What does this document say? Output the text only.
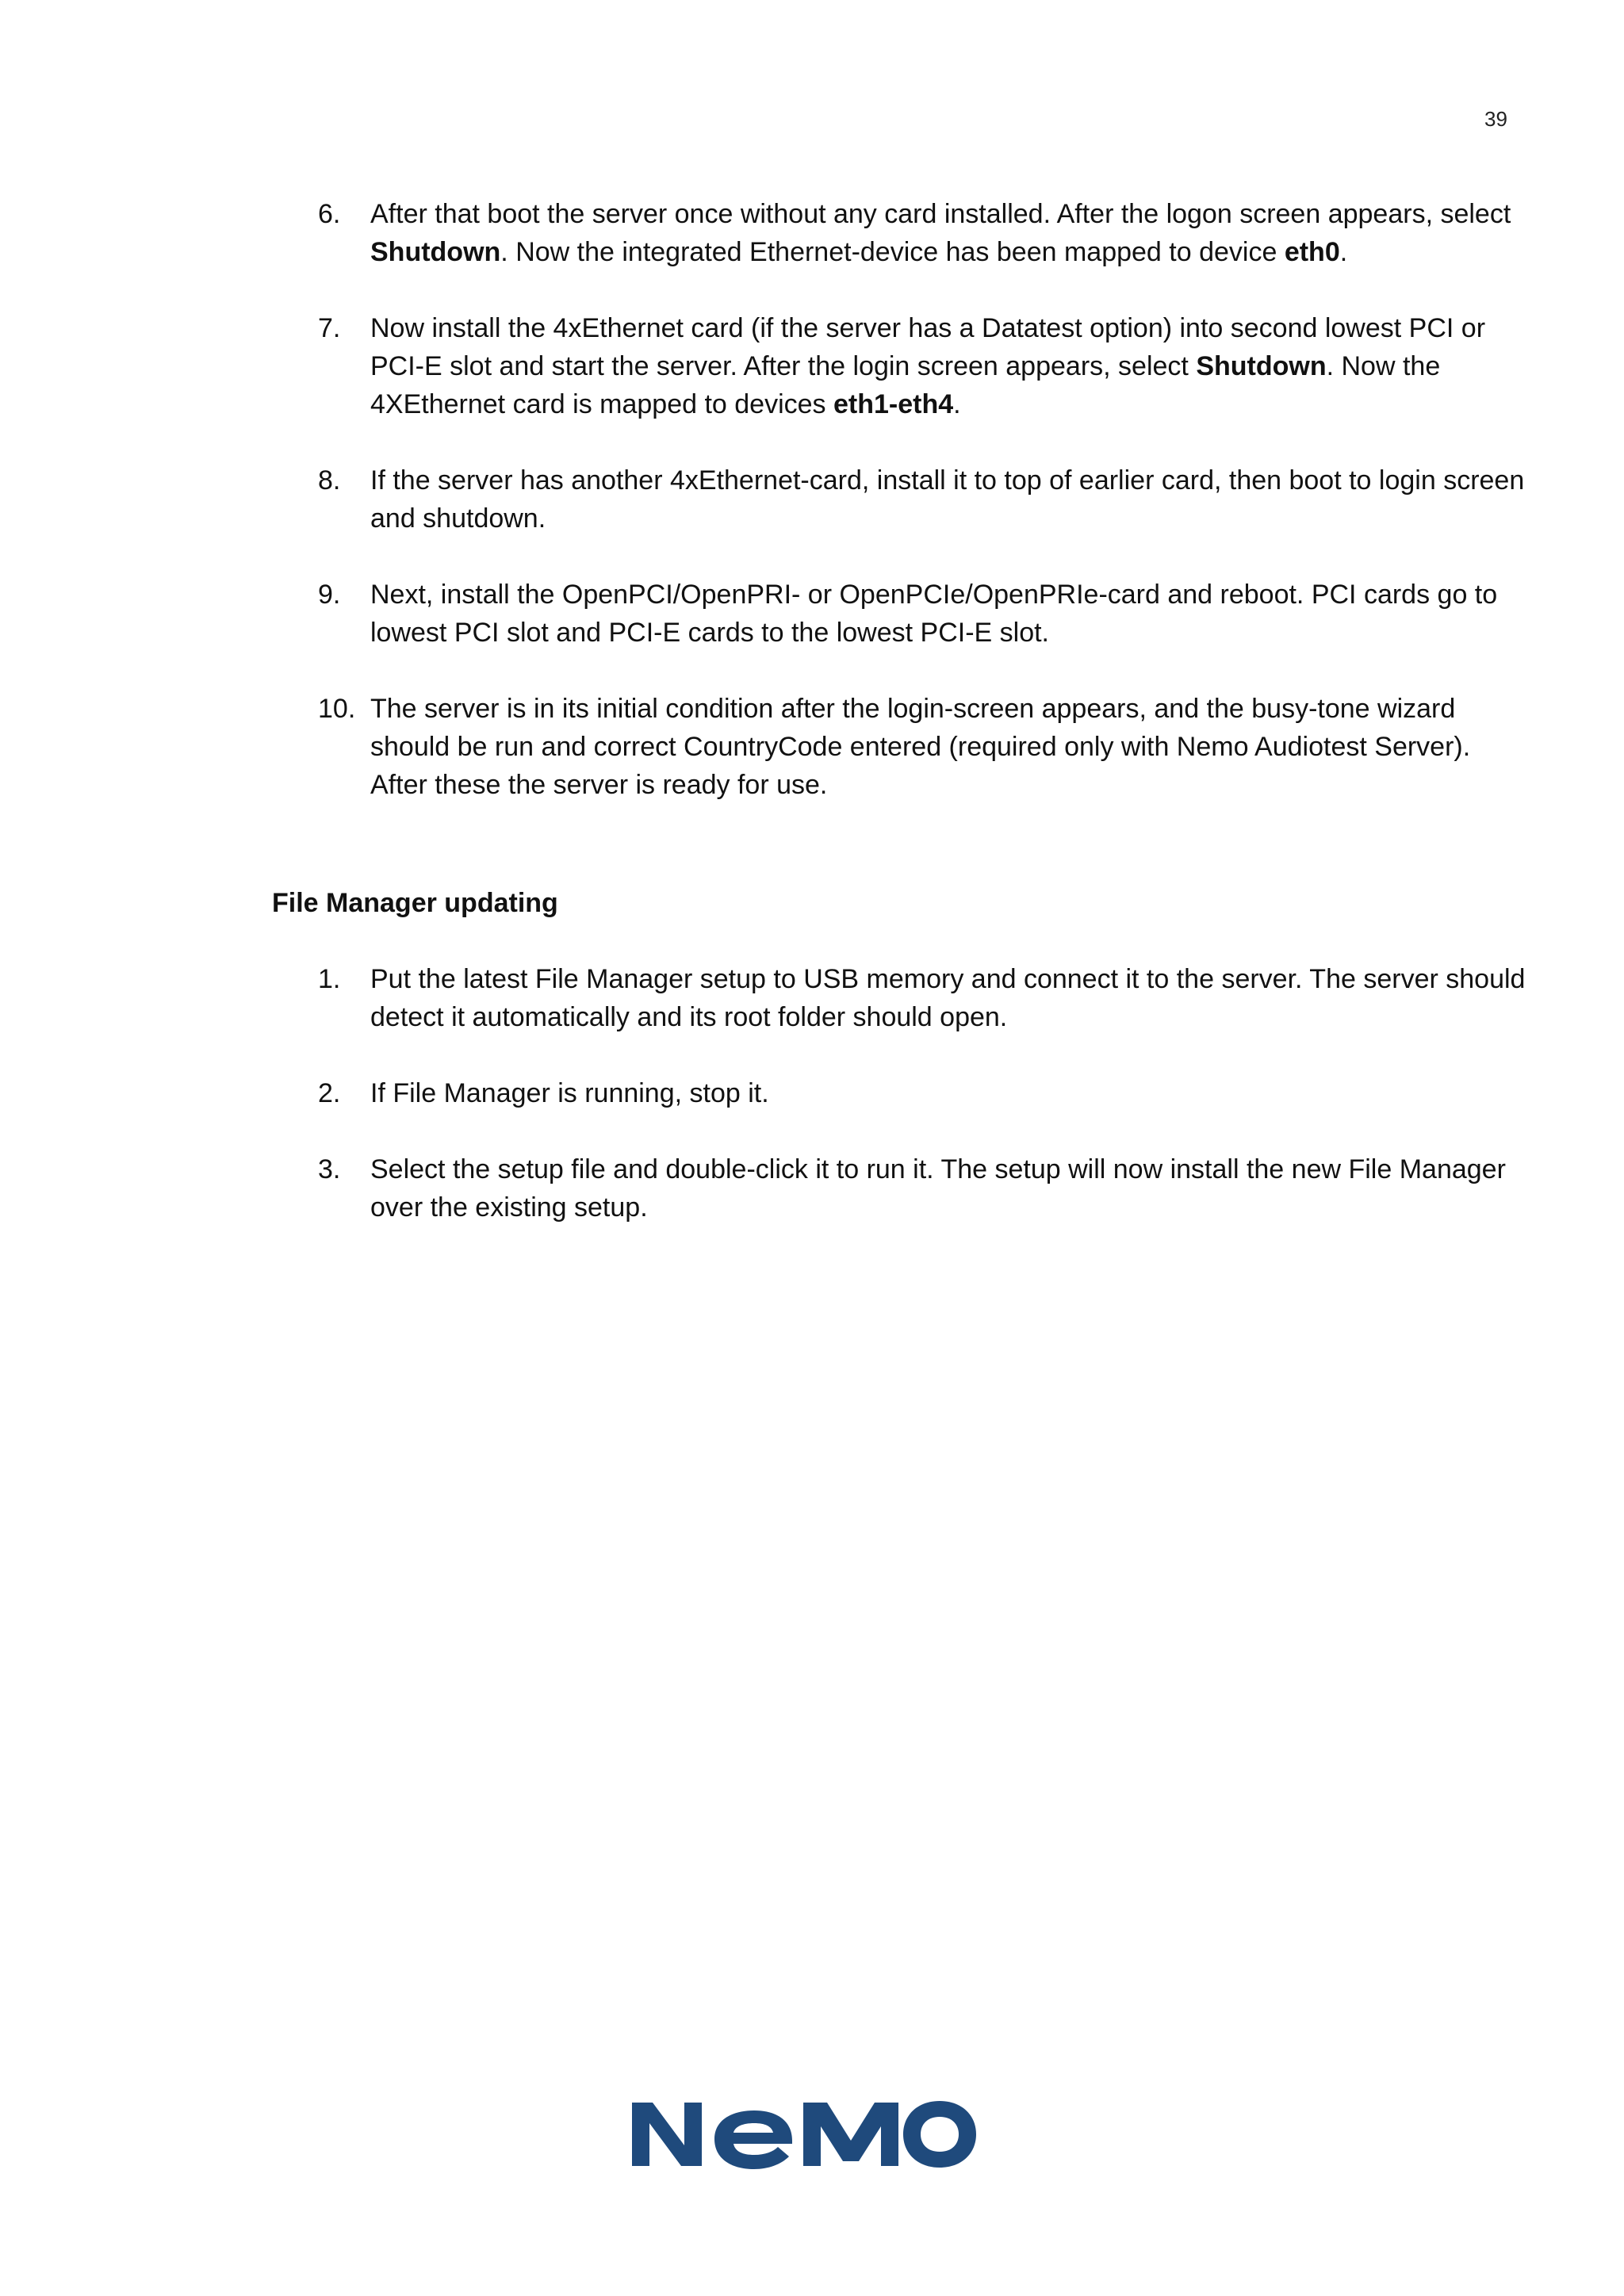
39

6. After that boot the server once without any card installed. After the logon screen appears, select Shutdown. Now the integrated Ethernet-device has been mapped to device eth0.

7. Now install the 4xEthernet card (if the server has a Datatest option) into second lowest PCI or PCI-E slot and start the server. After the login screen appears, select Shutdown. Now the 4XEthernet card is mapped to devices eth1-eth4.

8. If the server has another 4xEthernet-card, install it to top of earlier card, then boot to login screen and shutdown.

9. Next, install the OpenPCI/OpenPRI- or OpenPCIe/OpenPRIe-card and reboot. PCI cards go to lowest PCI slot and PCI-E cards to the lowest PCI-E slot.

10. The server is in its initial condition after the login-screen appears, and the busy-tone wizard should be run and correct CountryCode entered (required only with Nemo Audiotest Server). After these the server is ready for use.

File Manager updating

1. Put the latest File Manager setup to USB memory and connect it to the server. The server should detect it automatically and its root folder should open.

2. If File Manager is running, stop it.

3. Select the setup file and double-click it to run it. The setup will now install the new File Manager over the existing setup.
